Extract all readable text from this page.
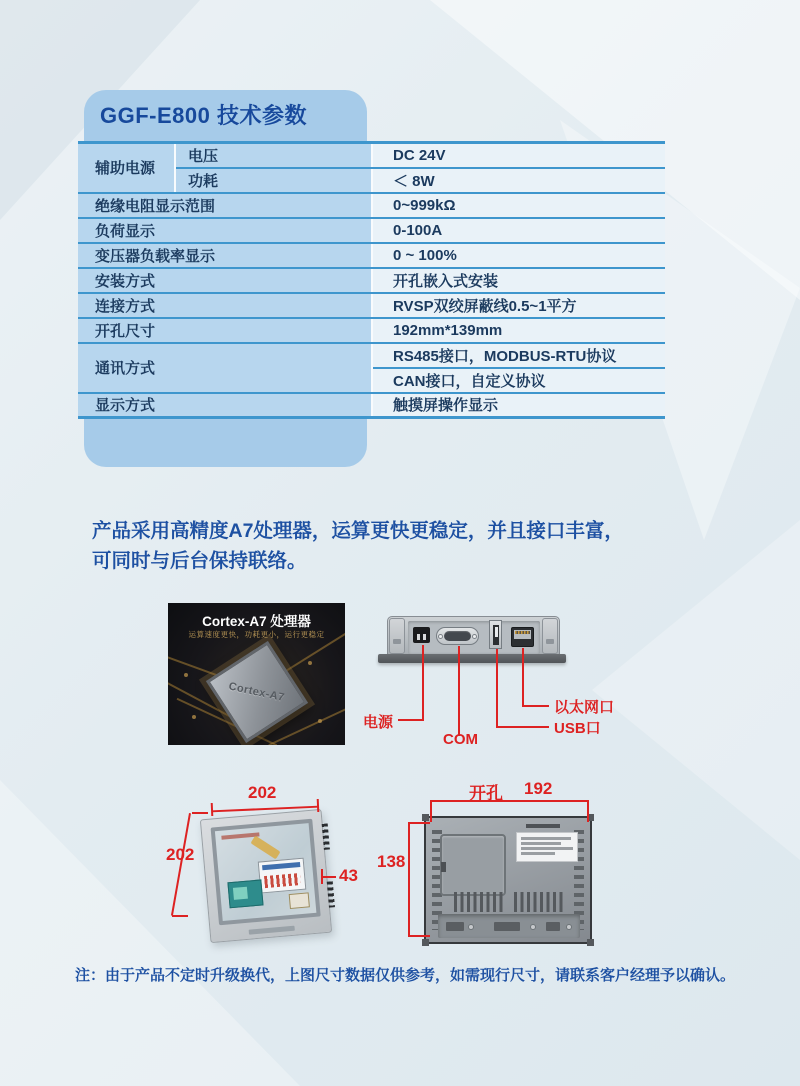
GGF-E800 技术参数
辅助电源	电压	DC 24V
	功耗	＜ 8W
绝缘电阻显示范围		0~999kΩ
负荷显示		0-100A
变压器负载率显示		0 ~ 100%
安装方式		开孔嵌入式安装
连接方式		RVSP双绞屏蔽线0.5~1平方
开孔尺寸		192mm*139mm
通讯方式		RS485接口，MODBUS-RTU协议
		CAN接口，自定义协议
显示方式		触摸屏操作显示
产品采用高精度A7处理器，运算更快更稳定，并且接口丰富，
可同时与后台保持联络。
Cortex-A7
Cortex-A7 处理器
运算速度更快，功耗更小，运行更稳定
电源
COM
USB口
以太网口
202
202
43
开孔 192
138
注：由于产品不定时升级换代，上图尺寸数据仅供参考，如需现行尺寸，请联系客户经理予以确认。
